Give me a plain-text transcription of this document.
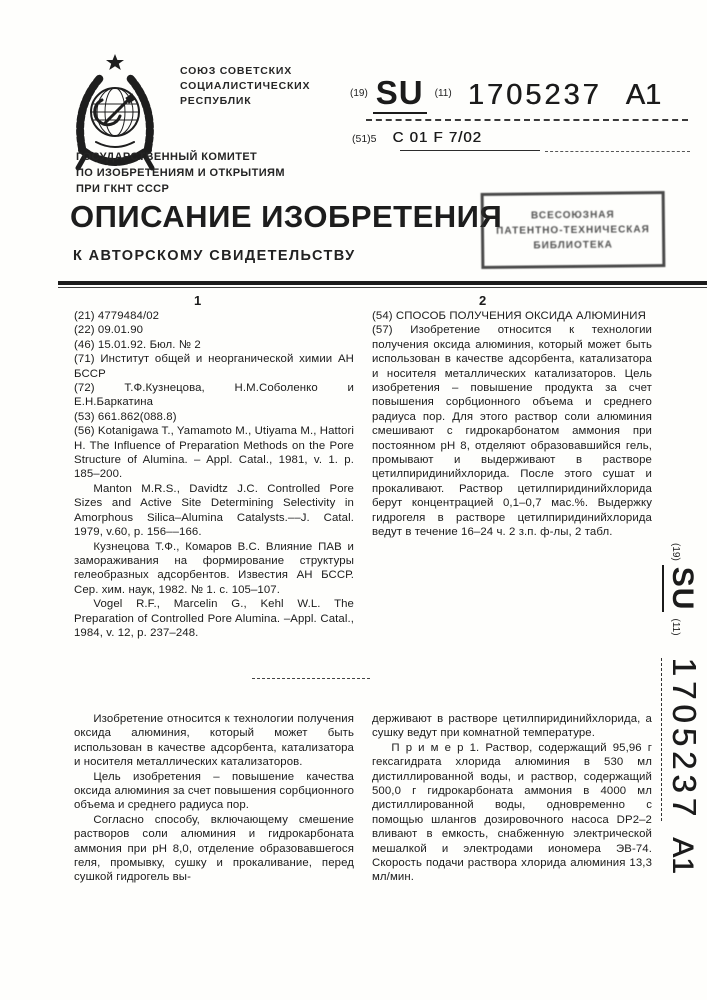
СОЮЗ СОВЕТСКИХ
СОЦИАЛИСТИЧЕСКИХ
РЕСПУБЛИК
$^{(19)}$ SU $^{(11)}$ 1705237 A1
(51)5 C 01 F 7/02
ГОСУДАРСТВЕННЫЙ КОМИТЕТ
ПО ИЗОБРЕТЕНИЯМ И ОТКРЫТИЯМ
ПРИ ГКНТ СССР
ОПИСАНИЕ ИЗОБРЕТЕНИЯ
К АВТОРСКОМУ СВИДЕТЕЛЬСТВУ
ВСЕСОЮЗНАЯ
ПАТЕНТНО-ТЕХНИЧЕСКАЯ
БИБЛИОТЕКА
1	2

(21) 4779484/02

(22) 09.01.90

(46) 15.01.92. Бюл. № 2

(71) Институт общей и неорганической химии АН БССР

(72) Т.Ф.Кузнецова, Н.М.Соболенко и Е.Н.Баркатина

(53) 661.862(088.8)

(56) Kotanigawa T., Yamamoto M., Utiyama M., Hattori H. The Influence of Preparation Methods on the Pore Structure of Alumina. – Appl. Catal., 1981, v. 1. p. 185–200.

Manton M.R.S., Davidtz J.C. Controlled Pore Sizes and Active Site Determining Selectivity in Amorphous Silica–Alumina Catalysts.––J. Catal. 1979, v.60, p. 156––166.

Кузнецова Т.Ф., Комаров В.С. Влияние ПАВ и замораживания на формирование структуры гелеобразных адсорбентов. Известия АН БССР. Сер. хим. наук, 1982. № 1. с. 105–107.

Vogel R.F., Marcelin G., Kehl W.L. The Preparation of Controlled Pore Alumina. –Appl. Catal., 1984, v. 12, p. 237–248.

(54) СПОСОБ ПОЛУЧЕНИЯ ОКСИДА АЛЮМИНИЯ

(57) Изобретение относится к технологии получения оксида алюминия, который может быть использован в качестве адсорбента, катализатора и носителя металлических катализаторов. Цель изобретения – повышение продукта за счет повышения сорбционного объема и среднего радиуса пор. Для этого раствор соли алюминия смешивают с гидрокарбонатом аммония при постоянном pH 8, отделяют образовавшийся гель, промывают и выдерживают в растворе цетилпиридинийхлорида. После этого сушат и прокаливают. Раствор цетилпиридинийхлорида берут концентрацией 0,1–0,7 мас.%. Выдержку гидрогеля в растворе цетилпиридинийхлорида ведут в течение 16–24 ч. 2 з.п. ф-лы, 2 табл.

Изобретение относится к технологии получения оксида алюминия, который может быть использован в качестве адсорбента, катализатора и носителя металлических катализаторов.

Цель изобретения – повышение качества оксида алюминия за счет повышения сорбционного объема и среднего радиуса пор.

Согласно способу, включающему смешение растворов соли алюминия и гидрокарбоната аммония при pH 8,0, отделение образовавшегося геля, промывку, сушку и прокаливание, перед сушкой гидрогель вы-

держивают в растворе цетилпиридинийхлорида, а сушку ведут при комнатной температуре.

П р и м е р 1. Раствор, содержащий 95,96 г гексагидрата хлорида алюминия в 530 мл дистиллированной воды, и раствор, содержащий 500,0 г гидрокарбоната аммония в 4000 мл дистиллированной воды, одновременно с помощью шлангов дозировочного насоса DP2–2 вливают в емкость, снабженную электрической мешалкой и электродами иономера ЭВ-74. Скорость подачи раствора хлорида алюминия 13,3 мл/мин.

(19)
SU
(11)
1705237
A1
